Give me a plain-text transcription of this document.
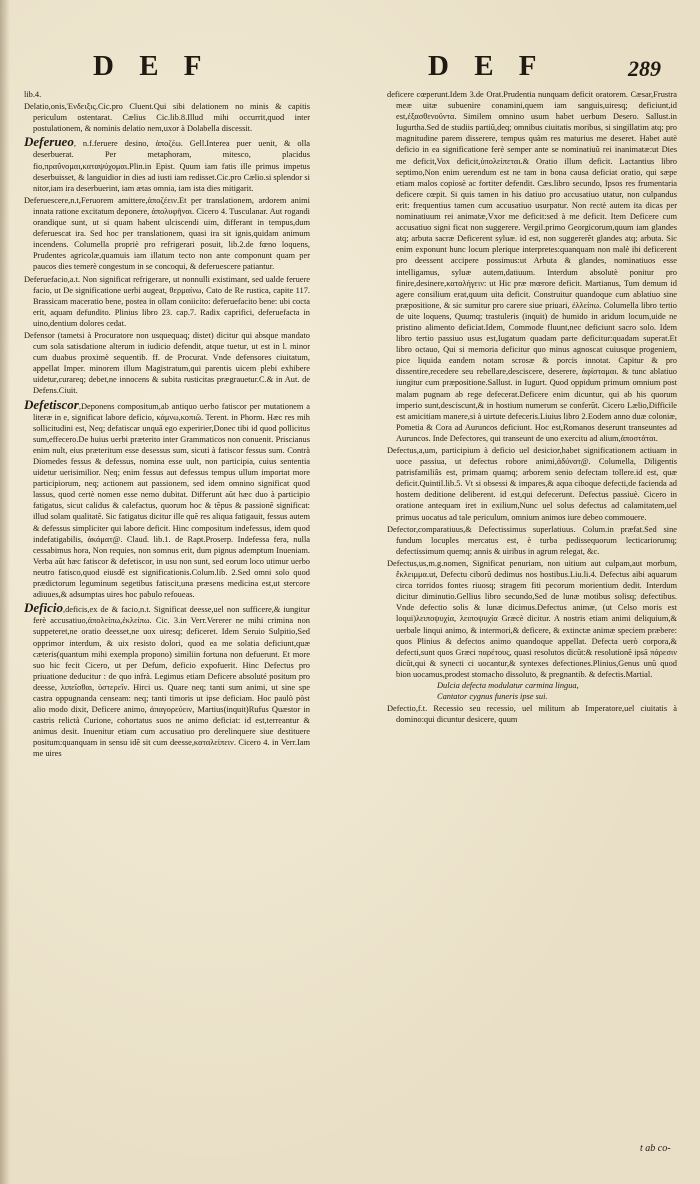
D E F	D E F	289

lib.4.

Delatio,onis,Ἐνδειξις.Cic.pro Cluent.Qui sibi delationem no minis & capitis periculum ostentarat. Cælius Cic.lib.8.Illud mihi occurrit,quod inter postulationem, & nominis delatio nem,uxor à Dolabella discessit.

Deferueo, n.f.feruere desino, ἀποζέω. Gell.Interea puer uenit, & olla deserbuerat. Per metaphoram, mitesco, placidus fio,πραΰνομαι,καταψύχομαι.Plin.in Epist. Quum iam fatis ille primus impetus deserbuisset, & languidior in dies ad iusti iam redisset.Cic.pro Cælio.si splendor si nitor,iam ira deserbuerint, iam ætas omnia, iam ista dies mitigarit.

Deferuescere,n.t,Feruorem amittere,ἀποζέειν.Et per translationem, ardorem animi innata ratione excitatum deponere, ἀπολυφῆναι. Cicero 4. Tusculanar. Aut rogandi orandique sunt, ut si quam habent ulciscendi uim, differant in tempus,dum deferuescat ira. Sed hoc per translationem, quasi ira sit ignis,quidam animum incendens. Columella propriè pro refrigerari posuit, lib.2.de fœno loquens, Prudentes agricolæ,quamuis iam illatum tecto non ante componunt quam per paucos dies temerè congestum in se concoqui, & deferuescere patiantur.

Deferuefacio,a.t. Non significat refrigerare, ut nonnulli existimant, sed ualde feruere facio, ut De significatione uerbi augeat, θερμαίνω, Cato de Re rustica, capite 117. Brassicam maceratio bene, postea in ollam coniicito: deferuefacito bene: ubi cocta erit, aquam defundito. Plinius libro 23. cap.7. Radix caprifici, deferuefacta in uino,dentium dolores cedat.

Defensor (tametsi à Procuratore non usquequaq; distet) dicitur qui absque mandato cum sola satisdatione alterum in iudicio defendit, atque tuetur, ut est in l. minor cum duabus proximè sequentib. ff. de Procurat. Vnde defensores ciuitatum, appellat Imper. minorem illum Magistratum,qui parentis uicem plebi exhibere uidetur,curareq; debet,ne innocens & subita rusticitas prægrauetur.C.& in Aut. de Defens.Ciuit.

Defetiscor,Deponens compositum,ab antiquo uerbo fatiscor per mutationem a literæ in e, significat labore deficio, κάμνω,κοπιῶ. Terent. in Phorm. Hæc res mih sollicitudini est, Neq; defatiscar unquã ego experirier,Donec tibi id quod pollicitus sum,effecero.De huius uerbi præterito inter Grammaticos non conuenit. Priscianus enim nult, eius præteritum esse desessus sum, sicuti à fatiscor fessus sum. Contrà Diomedes fessus & defessus, nomina esse uult, non participia, cuius sententia uidetur uerisimilior. Neq; enim fessus aut defessus tempus ullum importat more participiorum, neq; actionem aut passionem, sed idem omnino significat quod lassus, quod certè nomen esse nemo dubitat. Differunt aũt hæc duo à participio fatigatus, sicut calidus & calefactus, quorum hoc & tẽpus & passionẽ significat: illud solam qualitatẽ. Sic fatigatus dicitur ille quẽ res aliqua fatigauit, fessus autem & defessus simpliciter qui labore deficit. Hinc compositum indefessus, idem quod indefatigabilis, ἀκάματ@. Claud. lib.1. de Rapt.Proserp. Indefessa fera, nulla cessabimus hora, Non requies, non somnus erit, dum pignus ademptum Inueniam. Verba aũt hæc fatiscor & defetiscor, in usu non sunt, sed eorum loco utimur uerbo neutro fatisco,quod eiusdẽ est significationis.Colum.lib. 2.Sed omni solo quod prædictorum leguminum segetibus fatiscit,una præsens medicina est,ut stercore adiuues,& adsumptas uires hoc pabulo refoueas.

Deficio,deficis,ex de & facio,n.t. Significat deesse,uel non sufficere,& iungitur ferè accusatiuo,ἀπολείπω,ἐκλείπω. Cic. 3.in Verr.Vererer ne mihi crimina non suppeteret,ne oratio deesset,ne uox uiresq; deficeret. Idem Seruio Sulpitio,Sed opprimor interdum, & uix resisto dolori, quod ea me solatia deficiunt,quæ cæteris(quantum mihi exempla propono) similiin fortuna non defuerunt. Et more suo hic fecit Cicero, ut per Defum, deficio expofuerit. Hinc Defectus pro priuatione deducitur : de quo infrà. Legimus etiam Deficere absoluté positum pro deesse, λιπεῖσθαι, ὑστερεῖν. Hirci us. Quare neq; tanti sum animi, ut sine spe castra oppugnanda censeam: neq; tanti timoris ut ipse deficiam. Hoc paulò pòst alio modo dixit, Deficere animo, ἀπαγορεύειν, Martius(inquit)Rufus Quæstor in castris relictà Curione, cohortatus suos ne animo deficiat: id est,terreantur & animus desit. Inuenitur etiam cum accusatiuo pro derelinquere siue destituere positum:quanquam in sensu idẽ sit cum deesse,καταλείπειν. Cicero 4. in Verr.Iam me uires

deficere cœperunt.Idem 3.de Orat.Prudentia nunquam deficit oratorem. Cæsar,Frustra meæ uitæ subuenire conamini,quem iam sanguis,uiresq; deficiunt,id est,ἐξασθενοῦντα. Similem omnino usum habet uerbum Desero. Sallust.in Iugurtha.Sed de studiis partiũ,deq; omnibus ciuitatis moribus, si singillatim atq; pro magnitudine parem disserere, tempus quàm res maturius me deseret. Habet autè deficio in ea significatione ferè semper ante se nominatiuũ rei inanimatæ:ut Dies me deficit,Vox deficit,ὑπολείπεται.& Oratio illum deficit. Lactantius libro septimo,Non enim uerendum est ne tam in bona causa deficiat oratio, qui sæpe etiam malos copiosè ac fortiter defendit. Cæs.libro secundo, Ipsos res frumentaria deficere cœpit. Si quis tamen in his datiuo pro accusatiuo utatur, non culpandus erit: frequentius tamen cum accusatiuo usurpatur. Non rectè autem ita dicas per nominatiuum rei animatæ,Vxor me deficit:sed à me deficit. Item Deficere cum accusatiuo signi ficat non suggerere. Vergil.primo Georgicorum,quum iam glandes atq; arbuta sacræ Deficerent syluæ. id est, non suggererẽt glandes atq; arbuta. Sic enim exponunt hunc locum plerique interpretes:quanquam non malè ibi deficerent pro deessent accipere possimus:ut Arbuta & glandes, nominatiuos esse intelligamus, syluæ autem,datiuum. Interdum absolutè ponitur pro finire,desinere,καταλήγειν: ut Hic præ mœrore deficit. Martianus, Tum demum id agere consilium erat,quum uita deficit. Construitur quandoque cum ablatiuo sine præpositione, & sic sumitur pro carere siue priuari, ἐλλείπω. Columella libro tertio de uite loquens, Quumq; trastuleris (inquit) de humido in aridum locum,uide ne pristino alimento deficiat.Idem, Commode fluunt,nec deficiunt sacro solo. Idem libro tertio passiuo usus est,Iugatum quadam parte deficitur:quadam superat.Et libro octauo, Qui si memoria deficitur quo minus agnoscat cuiusque progeniem, pice liquida eandem notam scrosæ & porcis innotat. Capitur & pro dissentire,recedere seu rebellare,desciscere, deserere, ἀφίσταμαι. & tunc ablatiuo iungitur cum præpositione.Sallust. in Iugurt. Quod oppidum primum omnium post malam pugnam ab rege defecerat.Deficere enim dicuntur, qui ab his quorum imperio sunt,desciscunt,& in hostium numerum se conferũt. Cicero Lælio,Difficile est amicitiam manere,si à uirtute defeceris.Liuius libro 2.Eodem anno duæ coloniæ, Pometia & Cora ad Auruncos deficiunt. Hoc est,Romanos deserunt transeuntes ad Auruncos. Inde Defectores, qui transeunt de uno exercitu ad alium,ἀποστάται.

Defectus,a,um, participium à deficio uel desicior,habet significationem actiuam in uoce passiua, ut defectus robore animi,ἀδύνατ@. Columella, Diligentis patrisfamiliâs est, primam quamq; arborem senio defectam tollere.id est, quæ deficit.Quintil.lib.5. Vt si obsessi & impares,& aqua ciboque defecti,de facienda ad hostem deditione deliberent. id est,qui defecerunt. Defectus passiuè. Cicero in oratione antequam iret in exilium,Nunc uel solus defectus ad calamitatem,uel primus uocatus ad tale periculum, omnium animos iure debeo commouere.

Defector,comparatiuus,& Defectissimus superlatiuus. Colum.in præfat.Sed sine fundum locuples mercatus est, è turba pedissequorum lecticariorumq; defectissimum quemq; annis & uiribus in agrum relegat, &c.

Defectus,us,m.g.nomen, Significat penuriam, non uitium aut culpam,aut morbum, ἔκλειμμα.ut, Defectu ciborũ dedimus nos hostibus.Liu.li.4. Defectus aibi aquarum circa torridos fontes riuosq; stragem fiti pecorum morientium dedit. Interdum dicitur diminutio.Gellius libro secundo,Sed de lunæ motibus solisq; defectibus. Vnde defectio solis & lunæ dicimus.Defectus animæ, (ut Celso moris est loqui)λειποψυχία, λειποψυχία Græcè dicitur. A nostris etiam animi deliquium,& uerbale linqui animo, & intermori,& deficere, & extinctæ animæ speciem præbere: quos Plinius & defectos animo quandoque appellat. Defecta uerò corpora,& defecti,sunt quos Græci παρέτους, quasi resolutos dicũt:& resolutionẽ ipsã πάρεσιν dicũt,qui & synecti ci uocantur,& syntexes defectiones.Plinius,Genus unũ quod bion uocamus,prodest stomacho dissoluto, & pregnantib. & defectis.Martial.

Dulcia defecta modulatur carmina lingua,

Cantator cygnus funeris ipse sui.

Defectio,f.t. Recessio seu recessio, uel militum ab Imperatore,uel ciuitatis à domino:qui dicuntur desicere, quum

t ab co-
